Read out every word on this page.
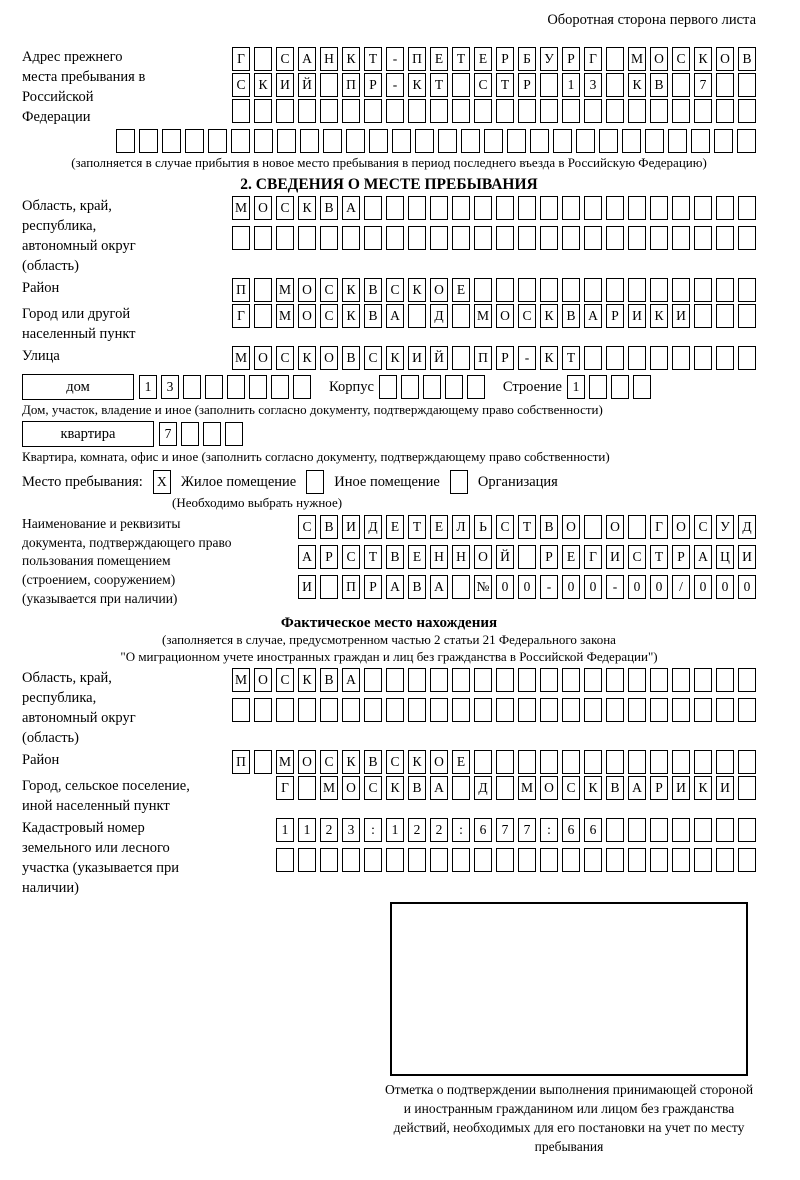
Оборотная сторона первого листа
Адрес прежнего места пребывания в Российской Федерации
Г	С А Н К Т	-	П Е	Т	Е	Р	Б У Р	Г	М О С К О В
С К И Й	П Р	-	К Т	С Т	Р	1	3	К В	7
(заполняется в случае прибытия в новое место пребывания в период последнего въезда в Российскую Федерацию)
2. СВЕДЕНИЯ О МЕСТЕ ПРЕБЫВАНИЯ
Область, край, республика, автономный округ (область)
М О С К В А
Район	П	М О С К В С К О Е
Город или другой населенный пункт
Г	М О С К В А	Д	М О С К В А Р И К И
Улица	М О С К О В С К И Й	П Р	-	К Т
дом	1	3	Корпус	Строение 1
Дом, участок, владение и иное (заполнить согласно документу, подтверждающему право собственности)
квартира	7
Квартира, комната, офис и иное (заполнить согласно документу, подтверждающему право собственности)
Место пребывания:	X Жилое помещение	Иное помещение	Организация
(Необходимо выбрать нужное)
Наименование и реквизиты документа, подтверждающего право пользования помещением (строением, сооружением) (указывается при наличии)
С В И Д Е	Т	Е Л	Ь	С Т В О	О	Г О С У Д
А Р	С Т В Е Н Н О Й	Р	Е	Г И С Т	Р А Ц И
И	П Р А В А	№ 0	0	-	0	0	-	0	0	/	0	0	0
Фактическое место нахождения
(заполняется в случае, предусмотренном частью 2 статьи 21 Федерального закона
"О миграционном учете иностранных граждан и лиц без гражданства в Российской Федерации")
Область, край, республика, автономный округ (область)
М О С К В А
Район	П	М О С К В С К О Е
Город, сельское поселение, иной населенный пункт
Г	М О С К В А	Д	М О С К В А Р И К И
Кадастровый номер земельного или лесного участка (указывается при наличии)
1	1	2	3	:	1	2	2	:	6	7	7	:	6	6
Отметка о подтверждении выполнения принимающей стороной и иностранным гражданином или лицом без гражданства действий, необходимых для его постановки на учет по месту пребывания
